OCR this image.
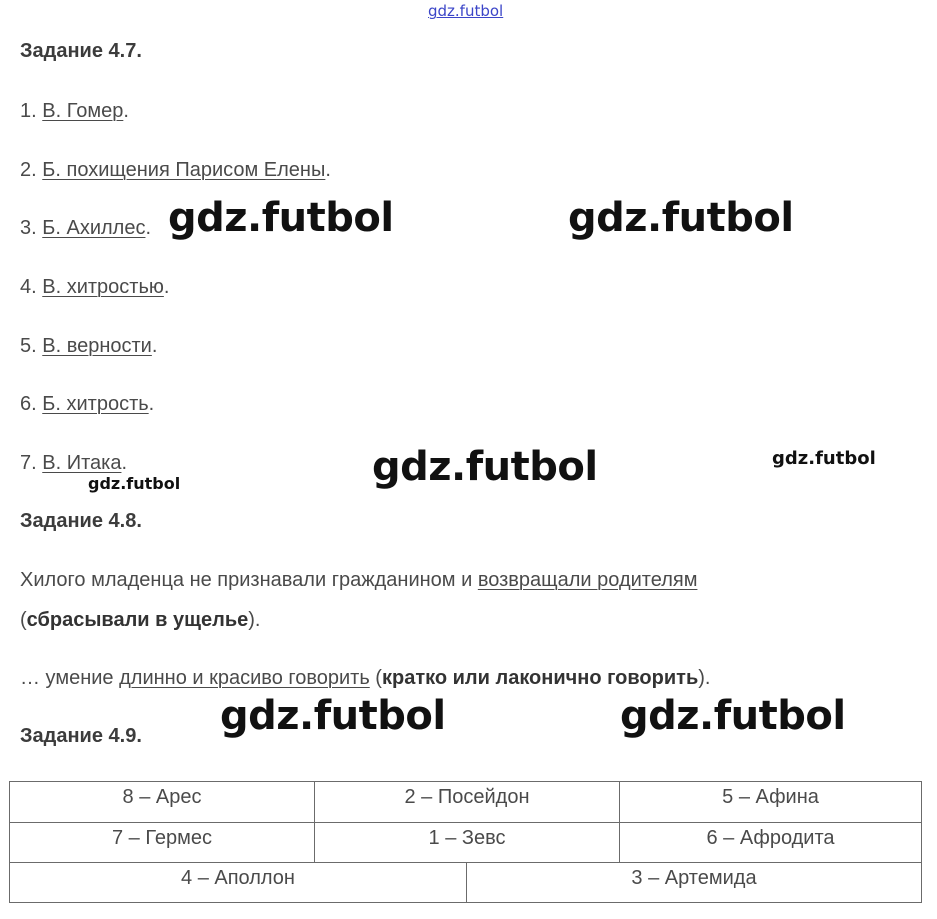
gdz.futbol
Задание 4.7.
1. В. Гомер.
2. Б. похищения Парисом Елены.
3. Б. Ахиллес.
4. В. хитростью.
5. В. верности.
6. Б. хитрость.
7. В. Итака.
gdz.futbol	gdz.futbol
gdz.futbol	gdz.futbol
gdz.futbol
Задание 4.8.
Хилого младенца не признавали гражданином и возвращали родителям
(сбрасывали в ущелье).
… умение длинно и красиво говорить (кратко или лаконично говорить).
gdz.futbol	gdz.futbol
Задание 4.9.
8 – Арес	2 – Посейдон	5 – Афина
7 – Гермес	1 – Зевс	6 – Афродита
4 – Аполлон	3 – Артемида
